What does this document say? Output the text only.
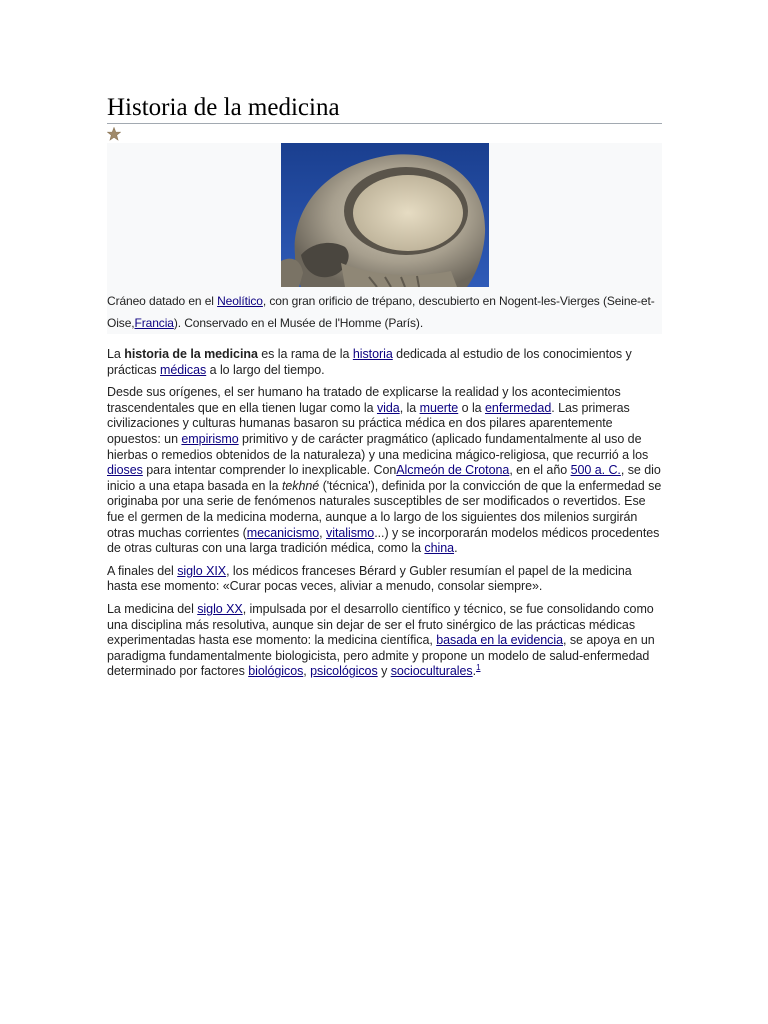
Historia de la medicina
Cráneo datado en el Neolítico, con gran orificio de trépano, descubierto en Nogent-les-Vierges (Seine-et-Oise,Francia). Conservado en el Musée de l'Homme (París).

La historia de la medicina es la rama de la historia dedicada al estudio de los conocimientos y prácticas médicas a lo largo del tiempo.

Desde sus orígenes, el ser humano ha tratado de explicarse la realidad y los acontecimientos trascendentales que en ella tienen lugar como la vida, la muerte o la enfermedad. Las primeras civilizaciones y culturas humanas basaron su práctica médica en dos pilares aparentemente opuestos: un empirismo primitivo y de carácter pragmático (aplicado fundamentalmente al uso de hierbas o remedios obtenidos de la naturaleza) y una medicina mágico-religiosa, que recurrió a los dioses para intentar comprender lo inexplicable. ConAlcmeón de Crotona, en el año 500 a. C., se dio inicio a una etapa basada en la tekhné ('técnica'), definida por la convicción de que la enfermedad se originaba por una serie de fenómenos naturales susceptibles de ser modificados o revertidos. Ese fue el germen de la medicina moderna, aunque a lo largo de los siguientes dos milenios surgirán otras muchas corrientes (mecanicismo, vitalismo...) y se incorporarán modelos médicos procedentes de otras culturas con una larga tradición médica, como la china.

A finales del siglo XIX, los médicos franceses Bérard y Gubler resumían el papel de la medicina hasta ese momento: «Curar pocas veces, aliviar a menudo, consolar siempre».

La medicina del siglo XX, impulsada por el desarrollo científico y técnico, se fue consolidando como una disciplina más resolutiva, aunque sin dejar de ser el fruto sinérgico de las prácticas médicas experimentadas hasta ese momento: la medicina científica, basada en la evidencia, se apoya en un paradigma fundamentalmente biologicista, pero admite y propone un modelo de salud-enfermedad determinado por factores biológicos, psicológicos y socioculturales.$^1$
